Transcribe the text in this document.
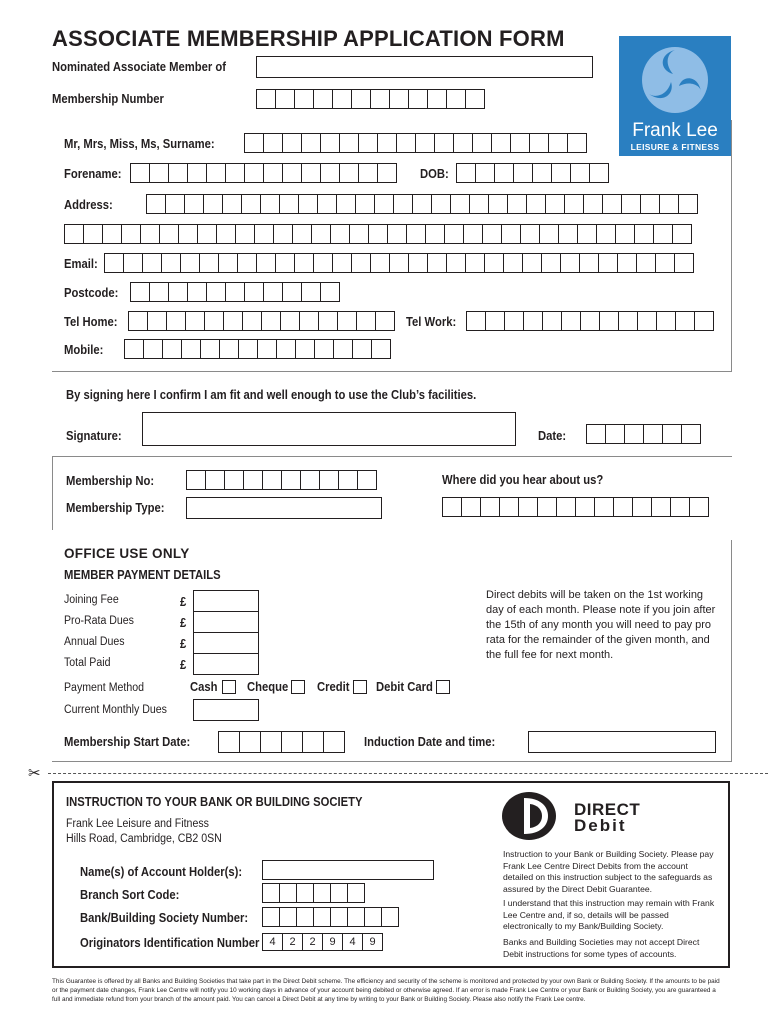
ASSOCIATE MEMBERSHIP APPLICATION FORM
Frank Lee
LEISURE & FITNESS
Nominated Associate Member of
Membership Number
Mr, Mrs, Miss, Ms, Surname:
Forename:	DOB:
Address:
Email:
Postcode:
Tel Home:	Tel Work:
Mobile:
By signing here I confirm I am fit and well enough to use the Club’s facilities.
Signature:	Date:
Membership No:	Where did you hear about us?
Membership Type:
OFFICE USE ONLY
MEMBER PAYMENT DETAILS
Joining Fee	£
Pro-Rata Dues	£
Annual Dues	£
Total Paid	£
Payment Method	Cash Cheque Credit Debit Card
Current Monthly Dues
Direct debits will be taken on the 1st working day of each month. Please note if you join after the 15th of any month you will need to pay pro rata for the remainder of the given month, and the full fee for next month.
Membership Start Date:	Induction Date and time:
✂
INSTRUCTION TO YOUR BANK OR BUILDING SOCIETY
Frank Lee Leisure and Fitness
Hills Road, Cambridge, CB2 0SN
Name(s) of Account Holder(s):
Branch Sort Code:
Bank/Building Society Number:
Originators Identification Number 4	2	2	9	4	9
DIRECT
Debit
Instruction to your Bank or Building Society. Please pay Frank Lee Centre Direct Debits from the account detailed on this instruction subject to the safeguards as assured by the Direct Debit Guarantee.
I understand that this instruction may remain with Frank Lee Centre and, if so, details will be passed electronically to my Bank/Building Society.
Banks and Building Societies may not accept Direct Debit instructions for some types of accounts.
This Guarantee is offered by all Banks and Building Societies that take part in the Direct Debit scheme. The efficiency and security of the scheme is monitored and protected by your own Bank or Building Society. If the amounts to be paid or the payment date changes, Frank Lee Centre will notify you 10 working days in advance of your account being debited or otherwise agreed. If an error is made Frank Lee Centre or your Bank or Building Society, you are guaranteed a full and immediate refund from your branch of the amount paid. You can cancel a Direct Debit at any time by writing to your Bank or Building Society. Please also notify the Frank Lee centre.
